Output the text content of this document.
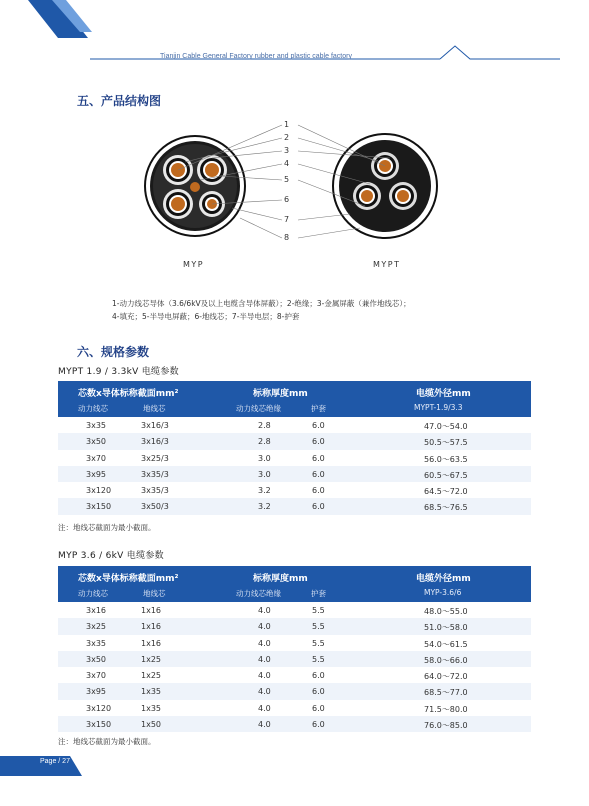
Tianjin Cable General Factory rubber and plastic cable factory
五、产品结构图
1
2
3
4
5
6
7
8
MYP	MYPT
1-动力线芯导体（3.6/6kV及以上电缆含导体屏蔽）；2-绝缘；3-金属屏蔽（兼作地线芯）；
4-填充；5-半导电屏蔽；6-地线芯；7-半导电层；8-护套
六、规格参数
MYPT 1.9 / 3.3kV 电缆参数
芯数x导体标称截面mm²	标称厚度mm	电缆外径mm
动力线芯	地线芯	动力线芯绝缘	护套	MYPT-1.9/3.3
3x35	3x16/3	2.8	6.0	47.0～54.0
3x50	3x16/3	2.8	6.0	50.5～57.5
3x70	3x25/3	3.0	6.0	56.0～63.5
3x95	3x35/3	3.0	6.0	60.5～67.5
3x120	3x35/3	3.2	6.0	64.5～72.0
3x150	3x50/3	3.2	6.0	68.5～76.5
注：地线芯截面为最小截面。
MYP 3.6 / 6kV 电缆参数
芯数x导体标称截面mm²	标称厚度mm	电缆外径mm
动力线芯	地线芯	动力线芯绝缘	护套	MYP-3.6/6
3x16	1x16	4.0	5.5	48.0～55.0
3x25	1x16	4.0	5.5	51.0～58.0
3x35	1x16	4.0	5.5	54.0～61.5
3x50	1x25	4.0	5.5	58.0～66.0
3x70	1x25	4.0	6.0	64.0～72.0
3x95	1x35	4.0	6.0	68.5～77.0
3x120	1x35	4.0	6.0	71.5～80.0
3x150	1x50	4.0	6.0	76.0～85.0
注：地线芯截面为最小截面。
Page / 27
